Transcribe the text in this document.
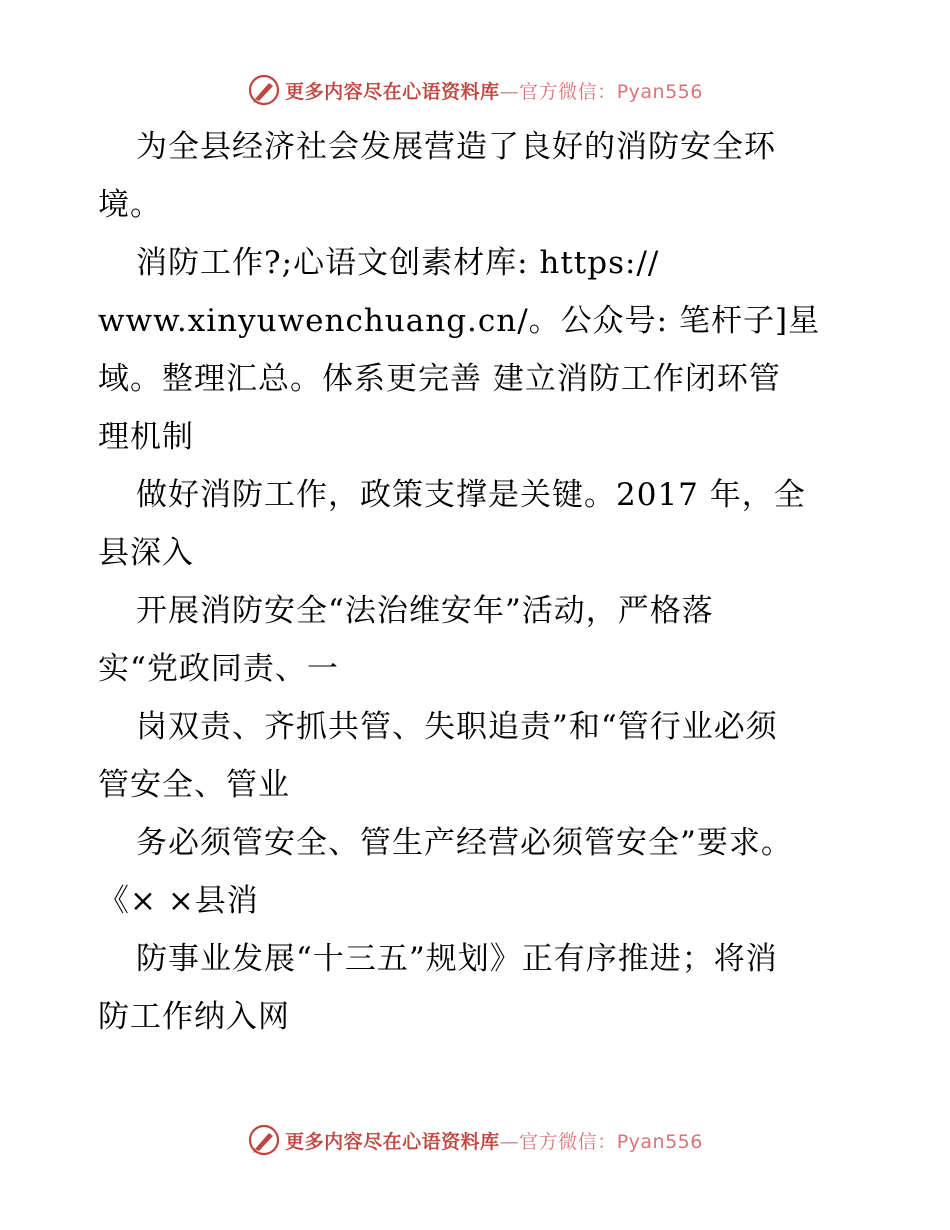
更多内容尽在心语资料库—官方微信：Pyan556
为全县经济社会发展营造了良好的消防安全环
境。
消防工作?;心语文创素材库: https://
www.xinyuwenchuang.cn/。公众号: 笔杆子]星
域。整理汇总。体系更完善 建立消防工作闭环管
理机制
做好消防工作，政策支撑是关键。2017 年，全
县深入
开展消防安全“法治维安年”活动，严格落
实“党政同责、一
岗双责、齐抓共管、失职追责”和“管行业必须
管安全、管业
务必须管安全、管生产经营必须管安全”要求。
《× ×县消
防事业发展“十三五”规划》正有序推进；将消
防工作纳入网
更多内容尽在心语资料库—官方微信：Pyan556
